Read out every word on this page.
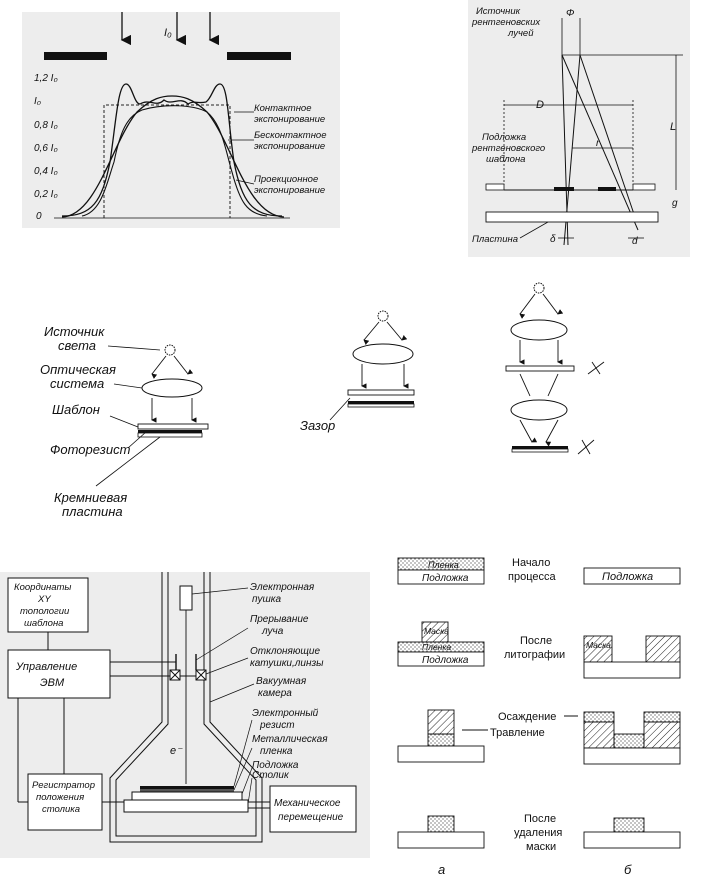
I₀
1,2 I₀
I₀
0,8 I₀
0,6 I₀
0,4 I₀
0,2 I₀
0
Контактное
экспонирование
Бесконтактное
экспонирование
Проекционное
экспонирование
Источник
рентгеновских
лучей
Φ
L
D
r
Подложка
рентгеновского
шаблона
g
Пластина	δ	d
Источник
света
Оптическая
система
Шаблон
Фоторезист
Кремниевая
пластина
Зазор
Координаты
XY
топологии
шаблона
Управление
ЭВМ
Регистратор
положения
столика
Механическое
перемещение
e⁻
Электронная
пушка
Прерывание
луча
Отклоняющие
катушки,линзы
Вакуумная
камера
Электронный
резист
Металлическая
пленка
Подложка
Столик
Пленка
Подложка
Начало
процесса	Подложка
Маска
Пленка
Подложка
После
литографии
Маска
Осаждение
Травление
После
удаления
маски
а	б
